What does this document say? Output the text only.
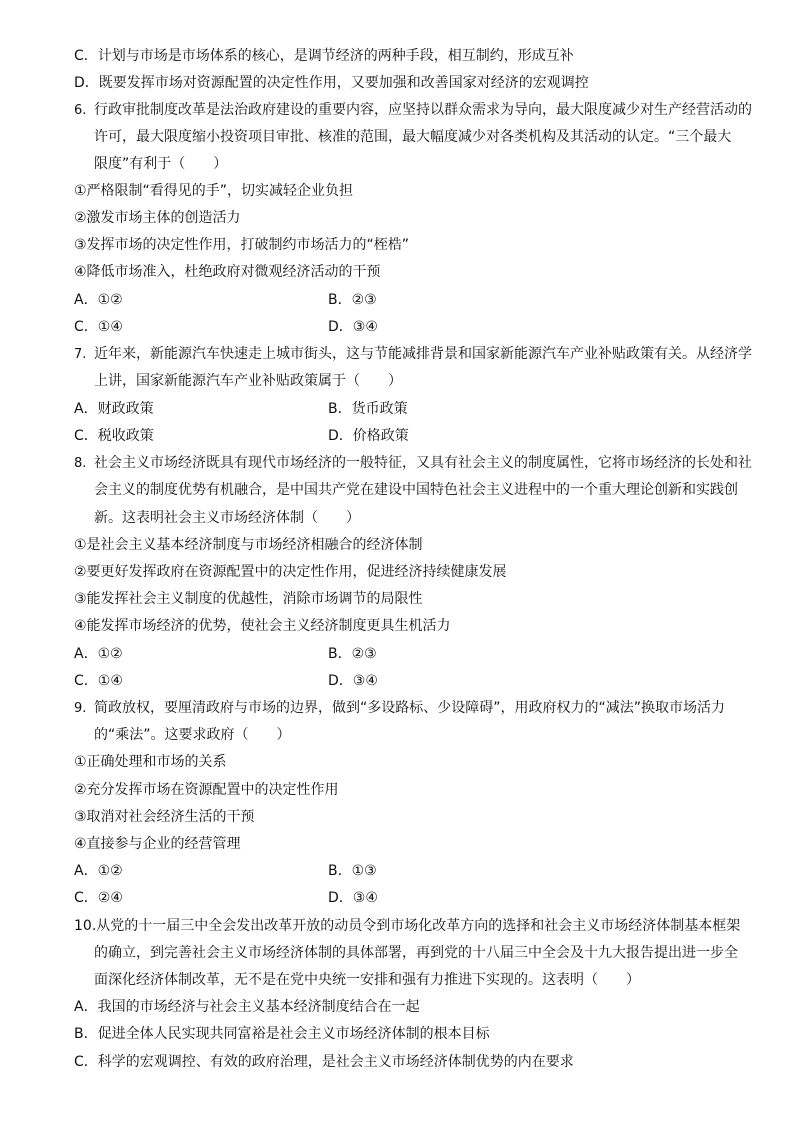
C．计划与市场是市场体系的核心，是调节经济的两种手段，相互制约，形成互补
D．既要发挥市场对资源配置的决定性作用，又要加强和改善国家对经济的宏观调控
6. 行政审批制度改革是法治政府建设的重要内容，应坚持以群众需求为导向，最大限度减少对生产经营活动的
许可，最大限度缩小投资项目审批、核准的范围，最大幅度减少对各类机构及其活动的认定。“三个最大
限度”有利于（　　）
①严格限制“看得见的手”，切实减轻企业负担
②激发市场主体的创造活力
③发挥市场的决定性作用，打破制约市场活力的“桎梏”
④降低市场准入，杜绝政府对微观经济活动的干预
A．①②	B．②③
C．①④	D．③④
7. 近年来，新能源汽车快速走上城市街头，这与节能减排背景和国家新能源汽车产业补贴政策有关。从经济学
上讲，国家新能源汽车产业补贴政策属于（　　）
A．财政政策	B．货币政策
C．税收政策	D．价格政策
8. 社会主义市场经济既具有现代市场经济的一般特征，又具有社会主义的制度属性，它将市场经济的长处和社
会主义的制度优势有机融合，是中国共产党在建设中国特色社会主义进程中的一个重大理论创新和实践创
新。这表明社会主义市场经济体制（　　）
①是社会主义基本经济制度与市场经济相融合的经济体制
②要更好发挥政府在资源配置中的决定性作用，促进经济持续健康发展
③能发挥社会主义制度的优越性，消除市场调节的局限性
④能发挥市场经济的优势，使社会主义经济制度更具生机活力
A．①②	B．②③
C．①④	D．③④
9. 简政放权，要厘清政府与市场的边界，做到“多设路标、少设障碍”，用政府权力的“减法”换取市场活力
的“乘法”。这要求政府（　　）
①正确处理和市场的关系
②充分发挥市场在资源配置中的决定性作用
③取消对社会经济生活的干预
④直接参与企业的经营管理
A．①②	B．①③
C．②④	D．③④
10.从党的十一届三中全会发出改革开放的动员令到市场化改革方向的选择和社会主义市场经济体制基本框架
的确立，到完善社会主义市场经济体制的具体部署，再到党的十八届三中全会及十九大报告提出进一步全
面深化经济体制改革，无不是在党中央统一安排和强有力推进下实现的。这表明（　　）
A．我国的市场经济与社会主义基本经济制度结合在一起
B．促进全体人民实现共同富裕是社会主义市场经济体制的根本目标
C．科学的宏观调控、有效的政府治理，是社会主义市场经济体制优势的内在要求
